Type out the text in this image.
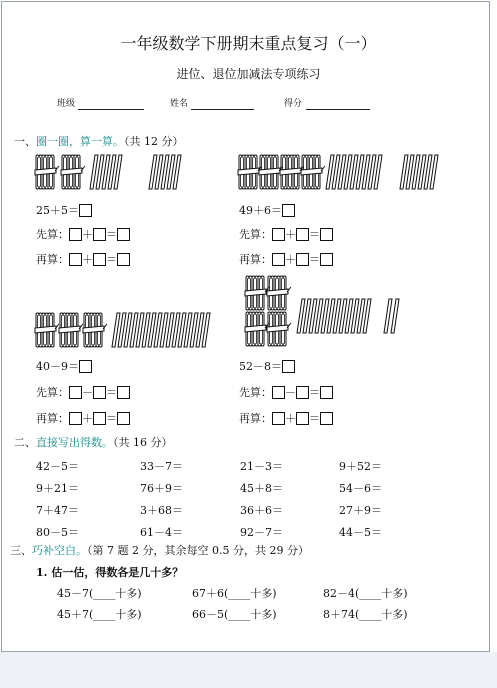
一年级数学下册期末重点复习（一）
进位、退位加减法专项练习
班级	姓名	得分
一、圈一圈，算一算。（共 12 分）
25＋5＝
先算： ＋ ＝
再算： ＋ ＝
49＋6＝
先算： ＋ ＝
再算： ＋ ＝
40－9＝
先算： － ＝
再算： ＋ ＝
52－8＝
先算： － ＝
再算： ＋ ＝
二、直接写出得数。（共 16 分）
42－5＝	33－7＝	21－3＝	9＋52＝
9＋21＝	76＋9＝	45＋8＝	54－6＝
7＋47＝	3＋68＝	36＋6＝	27＋9＝
80－5＝	61－4＝	92－7＝	44－5＝
三、巧补空白。（第 7 题 2 分，其余每空 0.5 分，共 29 分）
1. 估一估，得数各是几十多？
45－7(____十多)	67＋6(____十多)	82－4(____十多)
45＋7(____十多)	66－5(____十多)	8＋74(____十多)
